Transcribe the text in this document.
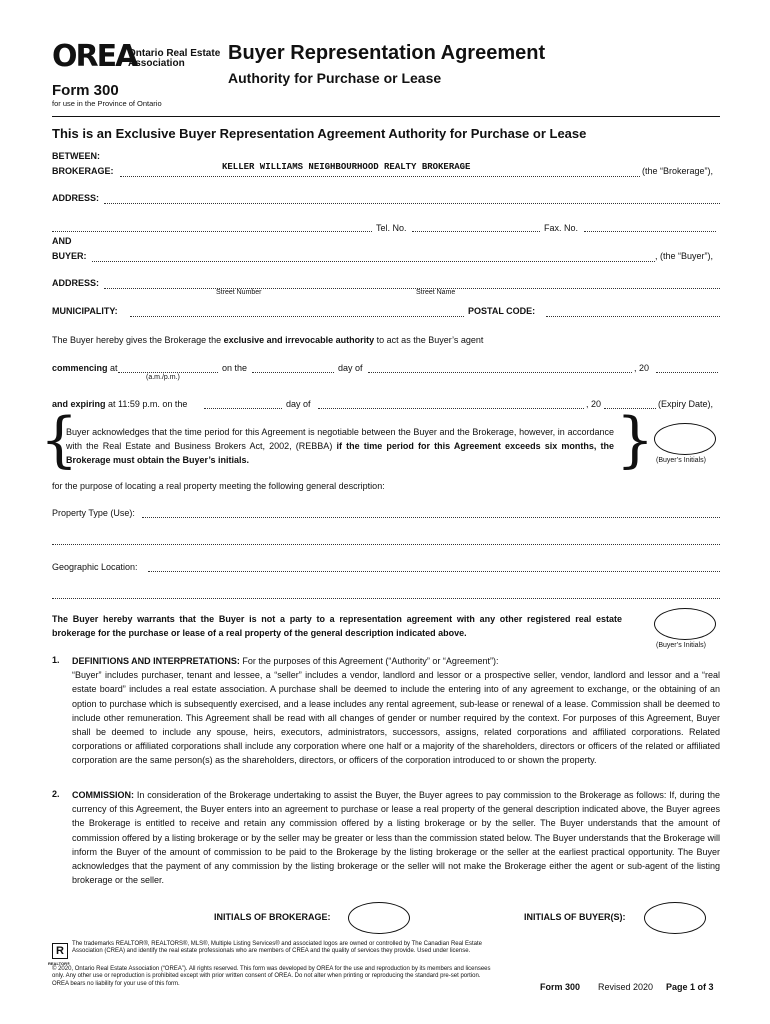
OREA
Ontario Real Estate
Association
Form 300
for use in the Province of Ontario
Buyer Representation Agreement
Authority for Purchase or Lease
This is an Exclusive Buyer Representation Agreement Authority for Purchase or Lease
BETWEEN:
BROKERAGE:	KELLER WILLIAMS NEIGHBOURHOOD REALTY BROKERAGE	(the “Brokerage”),
ADDRESS:
Tel. No.	Fax. No.
AND
BUYER:	, (the “Buyer”),
ADDRESS:
Street Number	Street Name
MUNICIPALITY:	POSTAL CODE:
The Buyer hereby gives the Brokerage the exclusive and irrevocable authority to act as the Buyer’s agent
commencing at
(a.m./p.m.)
on the	day of	, 20
and expiring at 11:59 p.m. on the	day of	, 20	(Expiry Date),
{
Buyer acknowledges that the time period for this Agreement is negotiable between the Buyer and the Brokerage, however, in accordance with the Real Estate and Business Brokers Act, 2002, (REBBA) if the time period for this Agreement exceeds six months, the Brokerage must obtain the Buyer’s initials.	} (Buyer’s Initials)
for the purpose of locating a real property meeting the following general description:
Property Type (Use):
Geographic Location:
The Buyer hereby warrants that the Buyer is not a party to a representation agreement with any other registered real estate brokerage for the purchase or lease of a real property of the general description indicated above.
(Buyer’s Initials)
1. DEFINITIONS AND INTERPRETATIONS: For the purposes of this Agreement (“Authority” or “Agreement”):
“Buyer” includes purchaser, tenant and lessee, a “seller” includes a vendor, landlord and lessor or a prospective seller, vendor, landlord and lessor and a “real estate board” includes a real estate association. A purchase shall be deemed to include the entering into of any agreement to exchange, or the obtaining of an option to purchase which is subsequently exercised, and a lease includes any rental agreement, sub-lease or renewal of a lease. Commission shall be deemed to include other remuneration. This Agreement shall be read with all changes of gender or number required by the context. For purposes of this Agreement, Buyer shall be deemed to include any spouse, heirs, executors, administrators, successors, assigns, related corporations and affiliated corporations. Related corporations or affiliated corporations shall include any corporation where one half or a majority of the shareholders, directors or officers of the related or affiliated corporation are the same person(s) as the shareholders, directors, or officers of the corporation introduced to or shown the property.
2. COMMISSION: In consideration of the Brokerage undertaking to assist the Buyer, the Buyer agrees to pay commission to the Brokerage as follows: If, during the currency of this Agreement, the Buyer enters into an agreement to purchase or lease a real property of the general description indicated above, the Buyer agrees the Brokerage is entitled to receive and retain any commission offered by a listing brokerage or by the seller. The Buyer understands that the amount of commission offered by a listing brokerage or by the seller may be greater or less than the commission stated below. The Buyer understands that the Brokerage will inform the Buyer of the amount of commission to be paid to the Brokerage by the listing brokerage or the seller at the earliest practical opportunity. The Buyer acknowledges that the payment of any commission by the listing brokerage or the seller will not make the Brokerage either the agent or sub-agent of the listing brokerage or the seller.
INITIALS OF BROKERAGE:	INITIALS OF BUYER(S):
R
REALTOR®
The trademarks REALTOR®, REALTORS®, MLS®, Multiple Listing Services® and associated logos are owned or controlled by The Canadian Real Estate Association (CREA) and identify the real estate professionals who are members of CREA and the quality of services they provide. Used under license.
© 2020, Ontario Real Estate Association (“OREA”). All rights reserved. This form was developed by OREA for the use and reproduction by its members and licensees only. Any other use or reproduction is prohibited except with prior written consent of OREA. Do not alter when printing or reproducing the standard pre-set portion. OREA bears no liability for your use of this form.	Form 300 Revised 2020 Page 1 of 3
